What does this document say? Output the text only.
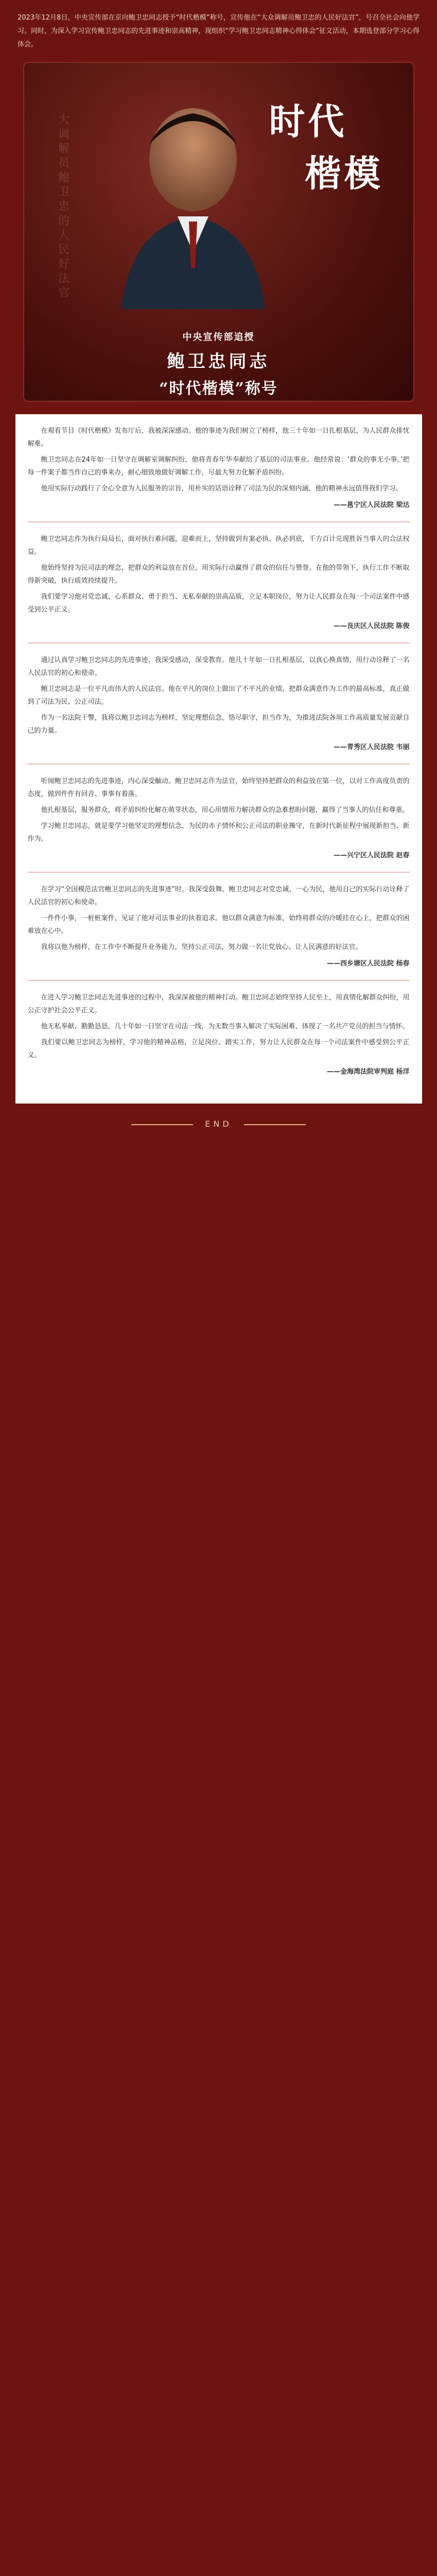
2023年12月8日，中央宣传部在京向鲍卫忠同志授予“时代楷模”称号，宣传他在“大众调解员鲍卫忠的人民好法官”，号召全社会向他学习。同时，为深入学习宣传鲍卫忠同志的先进事迹和崇高精神，现组织“学习鲍卫忠同志精神心得体会”征文活动，本期选登部分学习心得体会。
大调解员鲍卫忠的人民好法官	时代
楷模
中央宣传部追授
鲍卫忠同志
“时代楷模”称号

在观看节目《时代楷模》发布厅后，我被深深感动。他的事迹为我们树立了榜样，他三十年如一日扎根基层，为人民群众排忧解难。

鲍卫忠同志在24年如一日坚守在调解室调解纠纷，他将青春年华奉献给了基层的司法事业。他经常说：‘群众的事无小事。’把每一件案子都当作自己的事来办，耐心细致地做好调解工作，尽最大努力化解矛盾纠纷。

他用实际行动践行了全心全意为人民服务的宗旨，用朴实的话语诠释了司法为民的深刻内涵，他的精神永远值得我们学习。

——邕宁区人民法院 梁达

鲍卫忠同志作为执行局局长，面对执行难问题，迎难而上，坚持做到有案必执、执必到底，千方百计兑现胜诉当事人的合法权益。

他始终坚持为民司法的理念，把群众的利益放在首位，用实际行动赢得了群众的信任与赞誉。在他的带领下，执行工作不断取得新突破，执行质效持续提升。

我们要学习他对党忠诚、心系群众、勇于担当、无私奉献的崇高品质，立足本职岗位，努力让人民群众在每一个司法案件中感受到公平正义。

——良庆区人民法院 陈俊

通过认真学习鲍卫忠同志的先进事迹，我深受感动，深受教育。他几十年如一日扎根基层，以真心换真情，用行动诠释了一名人民法官的初心和使命。

鲍卫忠同志是一位平凡而伟大的人民法官。他在平凡的岗位上做出了不平凡的业绩，把群众满意作为工作的最高标准，真正做到了司法为民、公正司法。

作为一名法院干警，我将以鲍卫忠同志为榜样，坚定理想信念，恪尽职守，担当作为，为推进法院各项工作高质量发展贡献自己的力量。

——青秀区人民法院 韦丽

听闻鲍卫忠同志的先进事迹，内心深受触动。鲍卫忠同志作为法官，始终坚持把群众的利益放在第一位，以对工作高度负责的态度，做到件件有回音、事事有着落。

他扎根基层、服务群众，将矛盾纠纷化解在萌芽状态，用心用情用力解决群众的急难愁盼问题，赢得了当事人的信任和尊重。

学习鲍卫忠同志，就是要学习他坚定的理想信念、为民的赤子情怀和公正司法的职业操守，在新时代新征程中展现新担当、新作为。

——兴宁区人民法院 赵春

在学习“全国模范法官鲍卫忠同志的先进事迹”时，我深受鼓舞。鲍卫忠同志对党忠诚、一心为民，他用自己的实际行动诠释了人民法官的初心和使命。

一件件小事，一桩桩案件，见证了他对司法事业的执着追求。他以群众满意为标准，始终将群众的冷暖挂在心上，把群众的困难放在心中。

我将以他为榜样，在工作中不断提升业务能力，坚持公正司法，努力做一名让党放心、让人民满意的好法官。

——西乡塘区人民法院 杨春

在进入学习鲍卫忠同志先进事迹的过程中，我深深被他的精神打动。鲍卫忠同志始终坚持人民至上，用真情化解群众纠纷，用公正守护社会公平正义。

他无私奉献、勤勤恳恳，几十年如一日坚守在司法一线，为无数当事人解决了实际困难，体现了一名共产党员的担当与情怀。

我们要以鲍卫忠同志为榜样，学习他的精神品格，立足岗位、踏实工作，努力让人民群众在每一个司法案件中感受到公平正义。

——金海湾法院审判庭 杨洋
END
